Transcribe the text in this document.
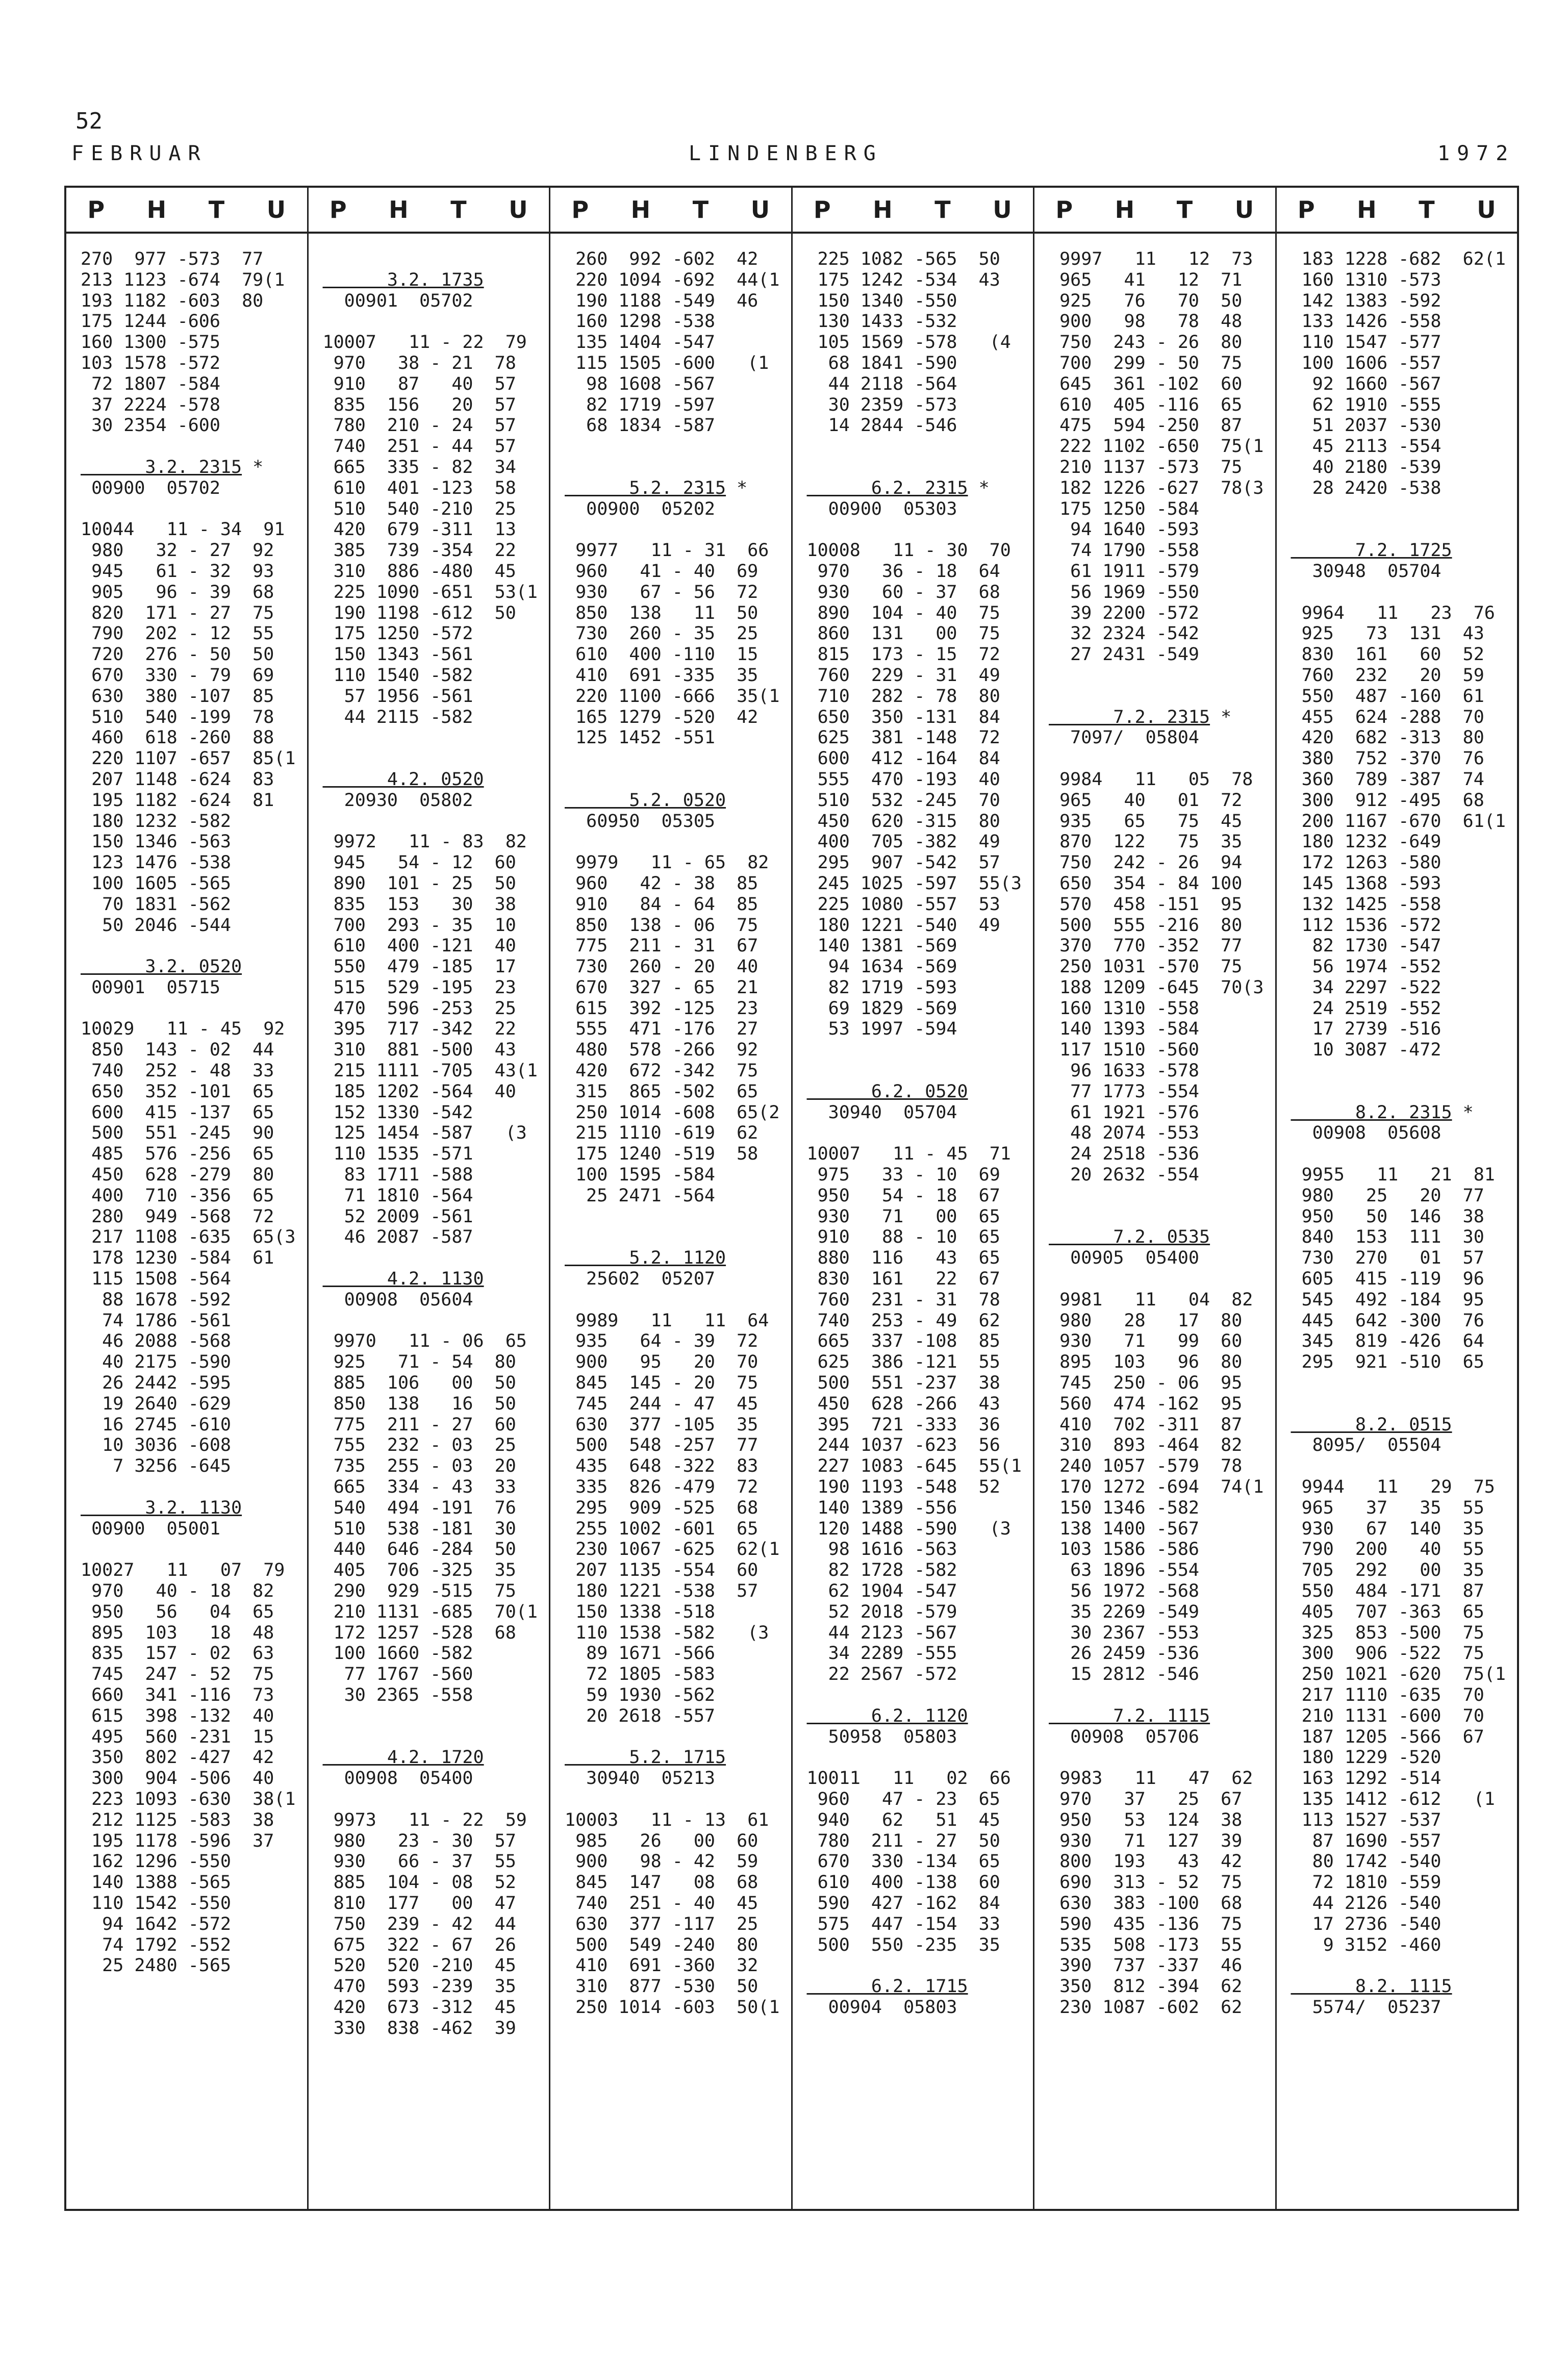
52
FEBRUAR	LINDENBERG	1972
P H T U
270  977 -573  77
213 1123 -674  79(1
193 1182 -603  80
175 1244 -606
160 1300 -575
103 1578 -572
72 1807 -584
37 2224 -578
30 2354 -600
3.2. 2315 *
00900  05702
10044   11 - 34  91
980   32 - 27  92
945   61 - 32  93
905   96 - 39  68
820  171 - 27  75
790  202 - 12  55
720  276 - 50  50
670  330 - 79  69
630  380 -107  85
510  540 -199  78
460  618 -260  88
220 1107 -657  85(1
207 1148 -624  83
195 1182 -624  81
180 1232 -582
150 1346 -563
123 1476 -538
100 1605 -565
70 1831 -562
50 2046 -544
3.2. 0520
00901  05715
10029   11 - 45  92
850  143 - 02  44
740  252 - 48  33
650  352 -101  65
600  415 -137  65
500  551 -245  90
485  576 -256  65
450  628 -279  80
400  710 -356  65
280  949 -568  72
217 1108 -635  65(3
178 1230 -584  61
115 1508 -564
88 1678 -592
74 1786 -561
46 2088 -568
40 2175 -590
26 2442 -595
19 2640 -629
16 2745 -610
10 3036 -608
7 3256 -645
3.2. 1130
00900  05001
10027   11   07  79
970   40 - 18  82
950   56   04  65
895  103   18  48
835  157 - 02  63
745  247 - 52  75
660  341 -116  73
615  398 -132  40
495  560 -231  15
350  802 -427  42
300  904 -506  40
223 1093 -630  38(1
212 1125 -583  38
195 1178 -596  37
162 1296 -550
140 1388 -565
110 1542 -550
94 1642 -572
74 1792 -552
25 2480 -565
P H T U
3.2. 1735
00901  05702
10007   11 - 22  79
970   38 - 21  78
910   87   40  57
835  156   20  57
780  210 - 24  57
740  251 - 44  57
665  335 - 82  34
610  401 -123  58
510  540 -210  25
420  679 -311  13
385  739 -354  22
310  886 -480  45
225 1090 -651  53(1
190 1198 -612  50
175 1250 -572
150 1343 -561
110 1540 -582
57 1956 -561
44 2115 -582
4.2. 0520
20930  05802
9972   11 - 83  82
945   54 - 12  60
890  101 - 25  50
835  153   30  38
700  293 - 35  10
610  400 -121  40
550  479 -185  17
515  529 -195  23
470  596 -253  25
395  717 -342  22
310  881 -500  43
215 1111 -705  43(1
185 1202 -564  40
152 1330 -542
125 1454 -587   (3
110 1535 -571
83 1711 -588
71 1810 -564
52 2009 -561
46 2087 -587
4.2. 1130
00908  05604
9970   11 - 06  65
925   71 - 54  80
885  106   00  50
850  138   16  50
775  211 - 27  60
755  232 - 03  25
735  255 - 03  20
665  334 - 43  33
540  494 -191  76
510  538 -181  30
440  646 -284  50
405  706 -325  35
290  929 -515  75
210 1131 -685  70(1
172 1257 -528  68
100 1660 -582
77 1767 -560
30 2365 -558
4.2. 1720
00908  05400
9973   11 - 22  59
980   23 - 30  57
930   66 - 37  55
885  104 - 08  52
810  177   00  47
750  239 - 42  44
675  322 - 67  26
520  520 -210  45
470  593 -239  35
420  673 -312  45
330  838 -462  39
P H T U
260  992 -602  42
220 1094 -692  44(1
190 1188 -549  46
160 1298 -538
135 1404 -547
115 1505 -600   (1
98 1608 -567
82 1719 -597
68 1834 -587
5.2. 2315 *
00900  05202
9977   11 - 31  66
960   41 - 40  69
930   67 - 56  72
850  138   11  50
730  260 - 35  25
610  400 -110  15
410  691 -335  35
220 1100 -666  35(1
165 1279 -520  42
125 1452 -551
5.2. 0520
60950  05305
9979   11 - 65  82
960   42 - 38  85
910   84 - 64  85
850  138 - 06  75
775  211 - 31  67
730  260 - 20  40
670  327 - 65  21
615  392 -125  23
555  471 -176  27
480  578 -266  92
420  672 -342  75
315  865 -502  65
250 1014 -608  65(2
215 1110 -619  62
175 1240 -519  58
100 1595 -584
25 2471 -564
5.2. 1120
25602  05207
9989   11   11  64
935   64 - 39  72
900   95   20  70
845  145 - 20  75
745  244 - 47  45
630  377 -105  35
500  548 -257  77
435  648 -322  83
335  826 -479  72
295  909 -525  68
255 1002 -601  65
230 1067 -625  62(1
207 1135 -554  60
180 1221 -538  57
150 1338 -518
110 1538 -582   (3
89 1671 -566
72 1805 -583
59 1930 -562
20 2618 -557
5.2. 1715
30940  05213
10003   11 - 13  61
985   26   00  60
900   98 - 42  59
845  147   08  68
740  251 - 40  45
630  377 -117  25
500  549 -240  80
410  691 -360  32
310  877 -530  50
250 1014 -603  50(1
P H T U
225 1082 -565  50
175 1242 -534  43
150 1340 -550
130 1433 -532
105 1569 -578   (4
68 1841 -590
44 2118 -564
30 2359 -573
14 2844 -546
6.2. 2315 *
00900  05303
10008   11 - 30  70
970   36 - 18  64
930   60 - 37  68
890  104 - 40  75
860  131   00  75
815  173 - 15  72
760  229 - 31  49
710  282 - 78  80
650  350 -131  84
625  381 -148  72
600  412 -164  84
555  470 -193  40
510  532 -245  70
450  620 -315  80
400  705 -382  49
295  907 -542  57
245 1025 -597  55(3
225 1080 -557  53
180 1221 -540  49
140 1381 -569
94 1634 -569
82 1719 -593
69 1829 -569
53 1997 -594
6.2. 0520
30940  05704
10007   11 - 45  71
975   33 - 10  69
950   54 - 18  67
930   71   00  65
910   88 - 10  65
880  116   43  65
830  161   22  67
760  231 - 31  78
740  253 - 49  62
665  337 -108  85
625  386 -121  55
500  551 -237  38
450  628 -266  43
395  721 -333  36
244 1037 -623  56
227 1083 -645  55(1
190 1193 -548  52
140 1389 -556
120 1488 -590   (3
98 1616 -563
82 1728 -582
62 1904 -547
52 2018 -579
44 2123 -567
34 2289 -555
22 2567 -572
6.2. 1120
50958  05803
10011   11   02  66
960   47 - 23  65
940   62   51  45
780  211 - 27  50
670  330 -134  65
610  400 -138  60
590  427 -162  84
575  447 -154  33
500  550 -235  35
6.2. 1715
00904  05803
P H T U
9997   11   12  73
965   41   12  71
925   76   70  50
900   98   78  48
750  243 - 26  80
700  299 - 50  75
645  361 -102  60
610  405 -116  65
475  594 -250  87
222 1102 -650  75(1
210 1137 -573  75
182 1226 -627  78(3
175 1250 -584
94 1640 -593
74 1790 -558
61 1911 -579
56 1969 -550
39 2200 -572
32 2324 -542
27 2431 -549
7.2. 2315 *
7097/  05804
9984   11   05  78
965   40   01  72
935   65   75  45
870  122   75  35
750  242 - 26  94
650  354 - 84 100
570  458 -151  95
500  555 -216  80
370  770 -352  77
250 1031 -570  75
188 1209 -645  70(3
160 1310 -558
140 1393 -584
117 1510 -560
96 1633 -578
77 1773 -554
61 1921 -576
48 2074 -553
24 2518 -536
20 2632 -554
7.2. 0535
00905  05400
9981   11   04  82
980   28   17  80
930   71   99  60
895  103   96  80
745  250 - 06  95
560  474 -162  95
410  702 -311  87
310  893 -464  82
240 1057 -579  78
170 1272 -694  74(1
150 1346 -582
138 1400 -567
103 1586 -586
63 1896 -554
56 1972 -568
35 2269 -549
30 2367 -553
26 2459 -536
15 2812 -546
7.2. 1115
00908  05706
9983   11   47  62
970   37   25  67
950   53  124  38
930   71  127  39
800  193   43  42
690  313 - 52  75
630  383 -100  68
590  435 -136  75
535  508 -173  55
390  737 -337  46
350  812 -394  62
230 1087 -602  62
P H T U
183 1228 -682  62(1
160 1310 -573
142 1383 -592
133 1426 -558
110 1547 -577
100 1606 -557
92 1660 -567
62 1910 -555
51 2037 -530
45 2113 -554
40 2180 -539
28 2420 -538
7.2. 1725
30948  05704
9964   11   23  76
925   73  131  43
830  161   60  52
760  232   20  59
550  487 -160  61
455  624 -288  70
420  682 -313  80
380  752 -370  76
360  789 -387  74
300  912 -495  68
200 1167 -670  61(1
180 1232 -649
172 1263 -580
145 1368 -593
132 1425 -558
112 1536 -572
82 1730 -547
56 1974 -552
34 2297 -522
24 2519 -552
17 2739 -516
10 3087 -472
8.2. 2315 *
00908  05608
9955   11   21  81
980   25   20  77
950   50  146  38
840  153  111  30
730  270   01  57
605  415 -119  96
545  492 -184  95
445  642 -300  76
345  819 -426  64
295  921 -510  65
8.2. 0515
8095/  05504
9944   11   29  75
965   37   35  55
930   67  140  35
790  200   40  55
705  292   00  35
550  484 -171  87
405  707 -363  65
325  853 -500  75
300  906 -522  75
250 1021 -620  75(1
217 1110 -635  70
210 1131 -600  70
187 1205 -566  67
180 1229 -520
163 1292 -514
135 1412 -612   (1
113 1527 -537
87 1690 -557
80 1742 -540
72 1810 -559
44 2126 -540
17 2736 -540
9 3152 -460
8.2. 1115
5574/  05237
